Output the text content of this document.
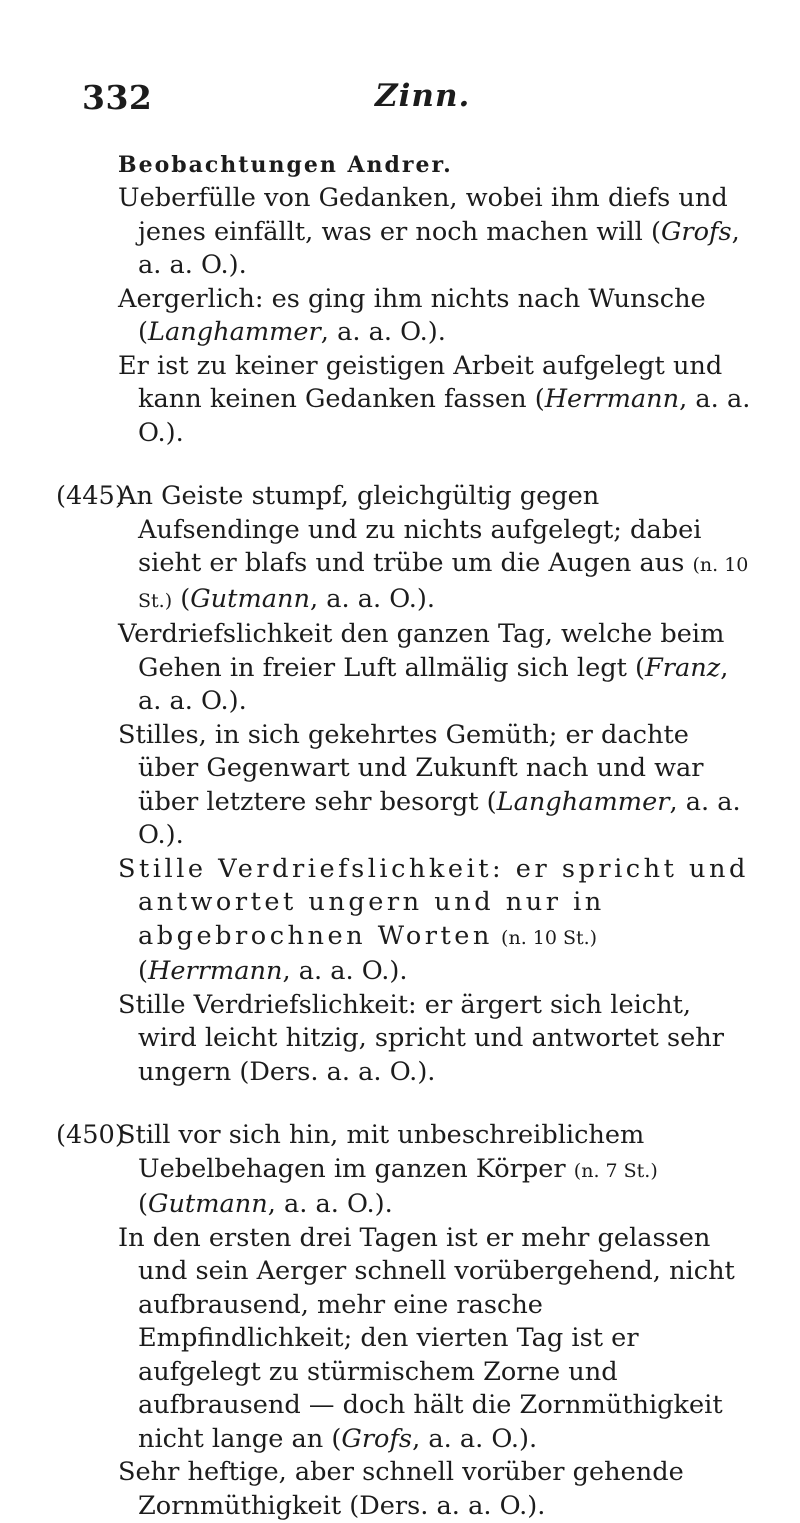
332	Zinn.

Beobachtungen Andrer.

Ueberfülle von Gedanken, wobei ihm diefs und jenes einfällt, was er noch machen will (Grofs, a. a. O.).

Aergerlich: es ging ihm nichts nach Wunsche (Langhammer, a. a. O.).

Er ist zu keiner geistigen Arbeit aufgelegt und kann keinen Gedanken fassen (Herrmann, a. a. O.).

(445)
An Geiste stumpf, gleichgültig gegen Aufsendinge und zu nichts aufgelegt; dabei sieht er blafs und trübe um die Augen aus (n. 10 St.) (Gutmann, a. a. O.).

Verdriefslichkeit den ganzen Tag, welche beim Gehen in freier Luft allmälig sich legt (Franz, a. a. O.).

Stilles, in sich gekehrtes Gemüth; er dachte über Gegenwart und Zukunft nach und war über letztere sehr besorgt (Langhammer, a. a. O.).

Stille Verdriefslichkeit: er spricht und antwortet ungern und nur in abgebrochnen Worten (n. 10 St.) (Herrmann, a. a. O.).

Stille Verdriefslichkeit: er ärgert sich leicht, wird leicht hitzig, spricht und antwortet sehr ungern (Ders. a. a. O.).

(450)
Still vor sich hin, mit unbeschreiblichem Uebelbehagen im ganzen Körper (n. 7 St.) (Gutmann, a. a. O.).

In den ersten drei Tagen ist er mehr gelassen und sein Aerger schnell vorübergehend, nicht aufbrausend, mehr eine rasche Empfindlichkeit; den vierten Tag ist er aufgelegt zu stürmischem Zorne und aufbrausend — doch hält die Zornmüthigkeit nicht lange an (Grofs, a. a. O.).

Sehr heftige, aber schnell vorüber gehende Zornmüthigkeit (Ders. a. a. O.).
